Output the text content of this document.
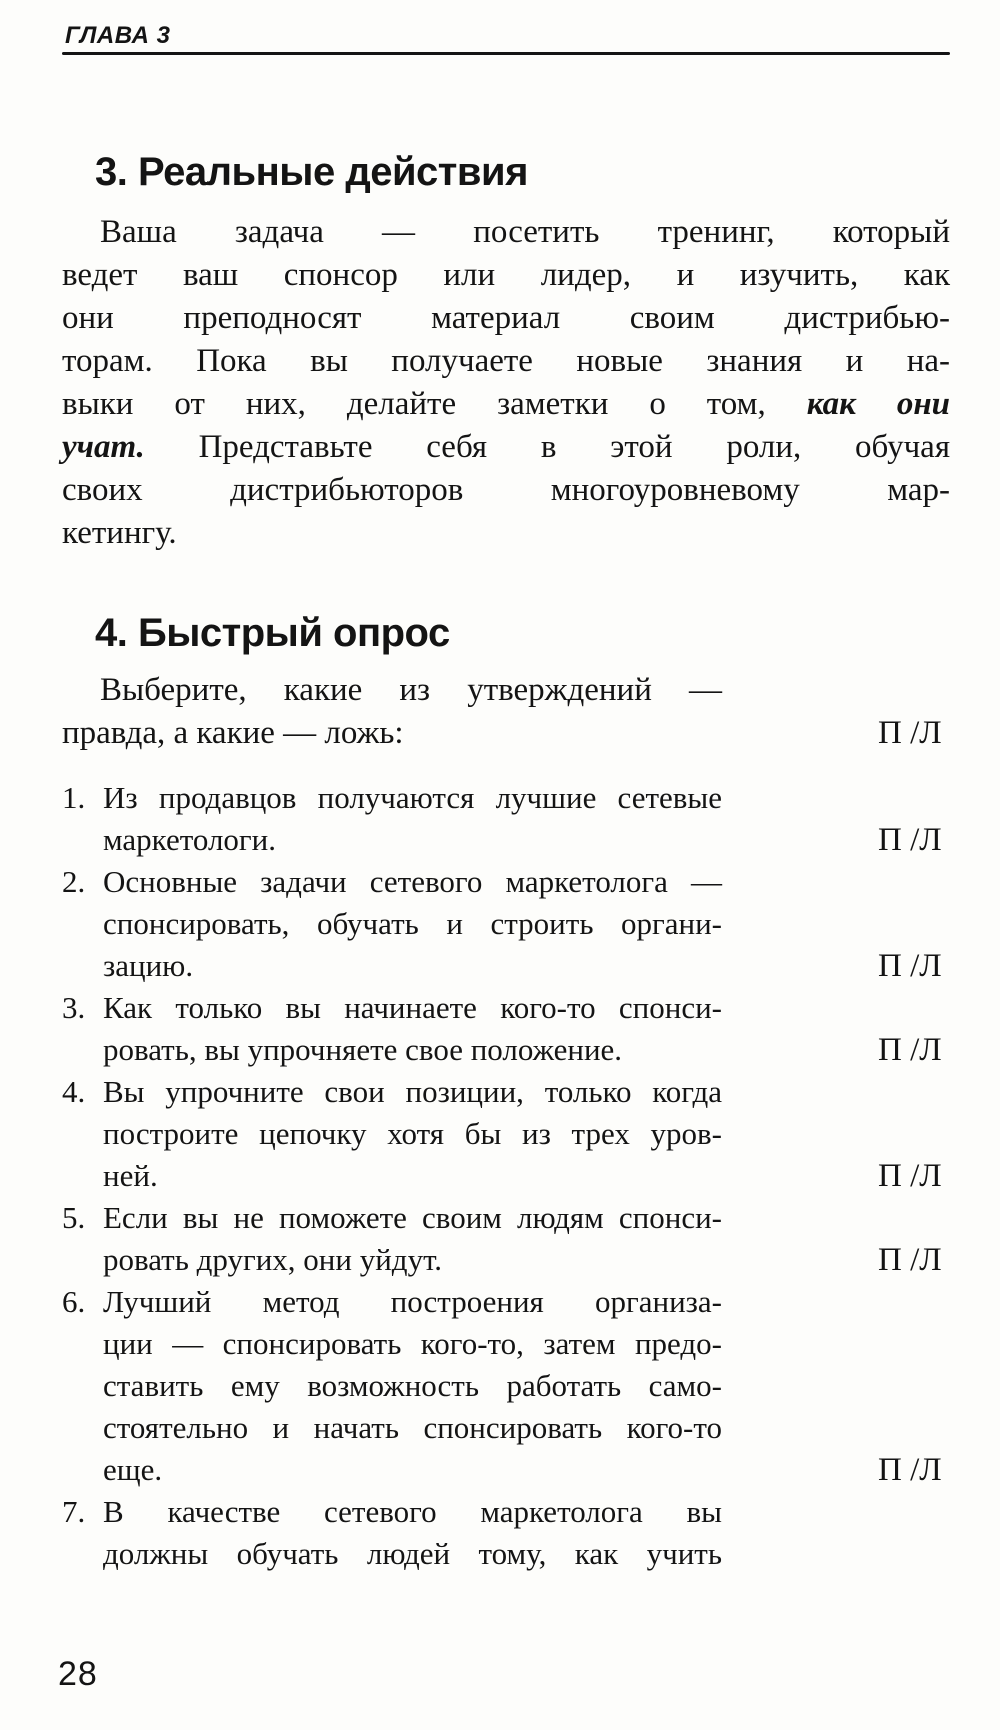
ГЛАВА 3
3. Реальные действия
Ваша задача — посетить тренинг, который
ведет ваш спонсор или лидер, и изучить, как
они преподносят материал своим дистрибью-
торам. Пока вы получаете новые знания и на-
выки от них, делайте заметки о том, как они
учат. Представьте себя в этой роли, обучая
своих дистрибьюторов многоуровневому мар-
кетингу.
4. Быстрый опрос
Выберите, какие из утверждений —
правда, а какие — ложь:	П /Л
1. Из продавцов получаются лучшие сетевые
маркетологи.	П /Л
2. Основные задачи сетевого маркетолога —
спонсировать, обучать и строить органи-
зацию.	П /Л
3. Как только вы начинаете кого-то спонси-
ровать, вы упрочняете свое положение.	П /Л
4. Вы упрочните свои позиции, только когда
построите цепочку хотя бы из трех уров-
ней.	П /Л
5. Если вы не поможете своим людям спонси-
ровать других, они уйдут.	П /Л
6. Лучший метод построения организа-
ции — спонсировать кого-то, затем предо-
ставить ему возможность работать само-
стоятельно и начать спонсировать кого-то
еще.	П /Л
7. В качестве сетевого маркетолога вы
должны обучать людей тому, как учить
28
